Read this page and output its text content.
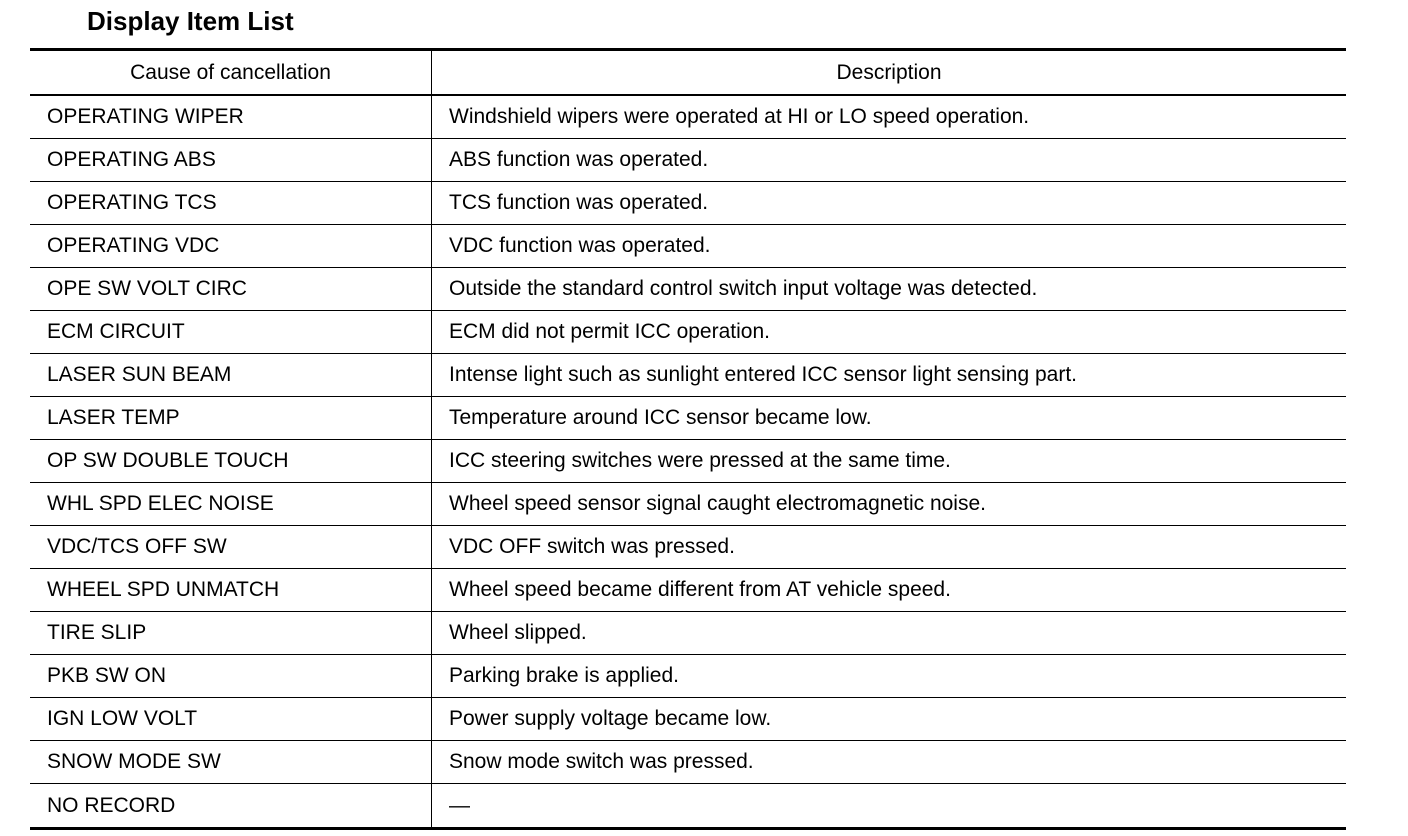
Display Item List
Cause of cancellation	Description
OPERATING WIPER	Windshield wipers were operated at HI or LO speed operation.
OPERATING ABS	ABS function was operated.
OPERATING TCS	TCS function was operated.
OPERATING VDC	VDC function was operated.
OPE SW VOLT CIRC	Outside the standard control switch input voltage was detected.
ECM CIRCUIT	ECM did not permit ICC operation.
LASER SUN BEAM	Intense light such as sunlight entered ICC sensor light sensing part.
LASER TEMP	Temperature around ICC sensor became low.
OP SW DOUBLE TOUCH	ICC steering switches were pressed at the same time.
WHL SPD ELEC NOISE	Wheel speed sensor signal caught electromagnetic noise.
VDC/TCS OFF SW	VDC OFF switch was pressed.
WHEEL SPD UNMATCH	Wheel speed became different from AT vehicle speed.
TIRE SLIP	Wheel slipped.
PKB SW ON	Parking brake is applied.
IGN LOW VOLT	Power supply voltage became low.
SNOW MODE SW	Snow mode switch was pressed.
NO RECORD	—
